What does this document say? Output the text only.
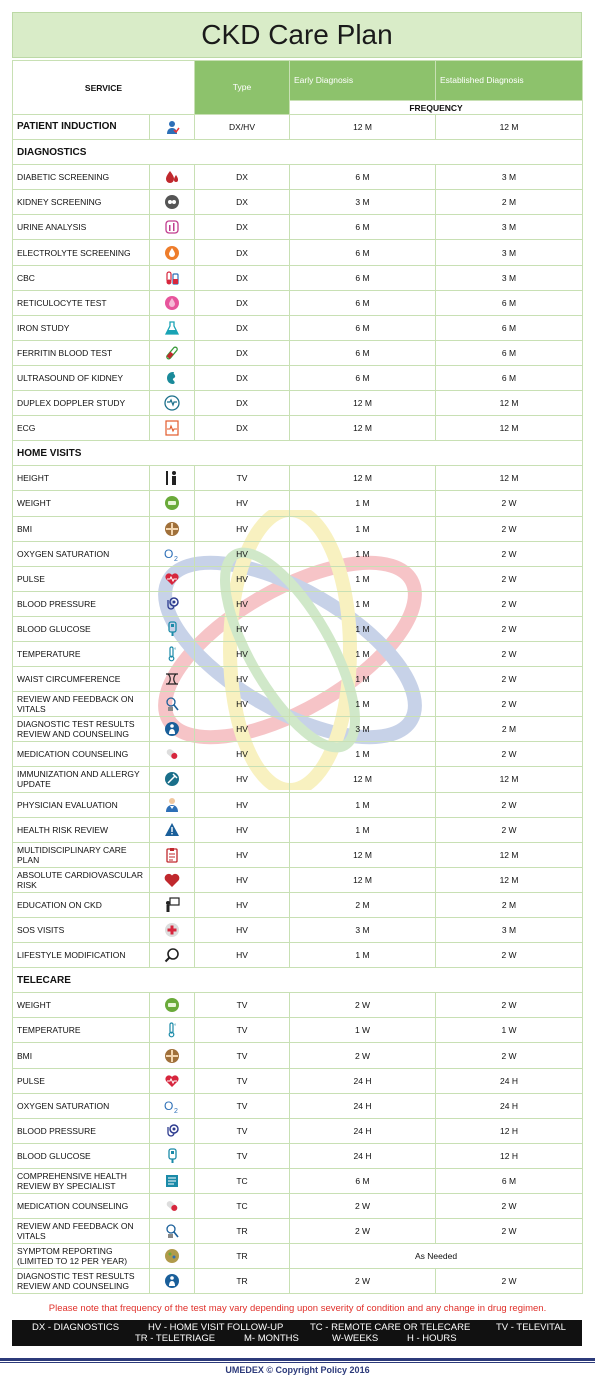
CKD Care Plan
SERVICE		Type	Early Diagnosis	Established Diagnosis
			FREQUENCY	
PATIENT INDUCTION		DX/HV	12 M	12 M
DIAGNOSTICS				
DIABETIC SCREENING		DX	6 M	3 M
KIDNEY SCREENING		DX	3 M	2 M
URINE ANALYSIS		DX	6 M	3 M
ELECTROLYTE SCREENING		DX	6 M	3 M
CBC		DX	6 M	3 M
RETICULOCYTE TEST		DX	6 M	6 M
IRON STUDY		DX	6 M	6 M
FERRITIN BLOOD TEST		DX	6 M	6 M
ULTRASOUND OF KIDNEY		DX	6 M	6 M
DUPLEX DOPPLER STUDY		DX	12 M	12 M
ECG		DX	12 M	12 M
HOME VISITS				
HEIGHT		TV	12 M	12 M
WEIGHT		HV	1 M	2 W
BMI		HV	1 M	2 W
OXYGEN SATURATION	O 2	HV	1 M	2 W
PULSE		HV	1 M	2 W
BLOOD PRESSURE		HV	1 M	2 W
BLOOD GLUCOSE		HV	1 M	2 W
TEMPERATURE	°	HV	1 M	2 W
WAIST CIRCUMFERENCE		HV	1 M	2 W
REVIEW AND FEEDBACK ON VITALS		HV	1 M	2 W
DIAGNOSTIC TEST RESULTS REVIEW AND COUNSELING		HV	3 M	2 M
MEDICATION COUNSELING		HV	1 M	2 W
IMMUNIZATION AND ALLERGY UPDATE		HV	12 M	12 M
PHYSICIAN EVALUATION		HV	1 M	2 W
HEALTH RISK REVIEW		HV	1 M	2 W
MULTIDISCIPLINARY CARE PLAN		HV	12 M	12 M
ABSOLUTE CARDIOVASCULAR RISK		HV	12 M	12 M
EDUCATION ON CKD		HV	2 M	2 M
SOS VISITS		HV	3 M	3 M
LIFESTYLE MODIFICATION		HV	1 M	2 W
TELECARE				
WEIGHT		TV	2 W	2 W
TEMPERATURE	°	TV	1 W	1 W
BMI		TV	2 W	2 W
PULSE		TV	24 H	24 H
OXYGEN SATURATION	O 2	TV	24 H	24 H
BLOOD PRESSURE		TV	24 H	12 H
BLOOD GLUCOSE		TV	24 H	12 H
COMPREHENSIVE HEALTH REVIEW BY SPECIALIST		TC	6 M	6 M
MEDICATION COUNSELING		TC	2 W	2 W
REVIEW AND FEEDBACK ON VITALS		TR	2 W	2 W
SYMPTOM REPORTING (LIMITED TO 12 PER YEAR)		TR	As Needed	
DIAGNOSTIC TEST RESULTS REVIEW AND COUNSELING		TR	2 W	2 W
Please note that frequency of the test may vary depending upon severity of condition and any change in drug regimen.
DX - DIAGNOSTICS	HV - HOME VISIT FOLLOW-UP	TC - REMOTE CARE OR TELECARE	TV - TELEVITAL
TR - TELETRIAGE	M- MONTHS	W-WEEKS	H - HOURS
UMEDEX © Copyright Policy 2016
